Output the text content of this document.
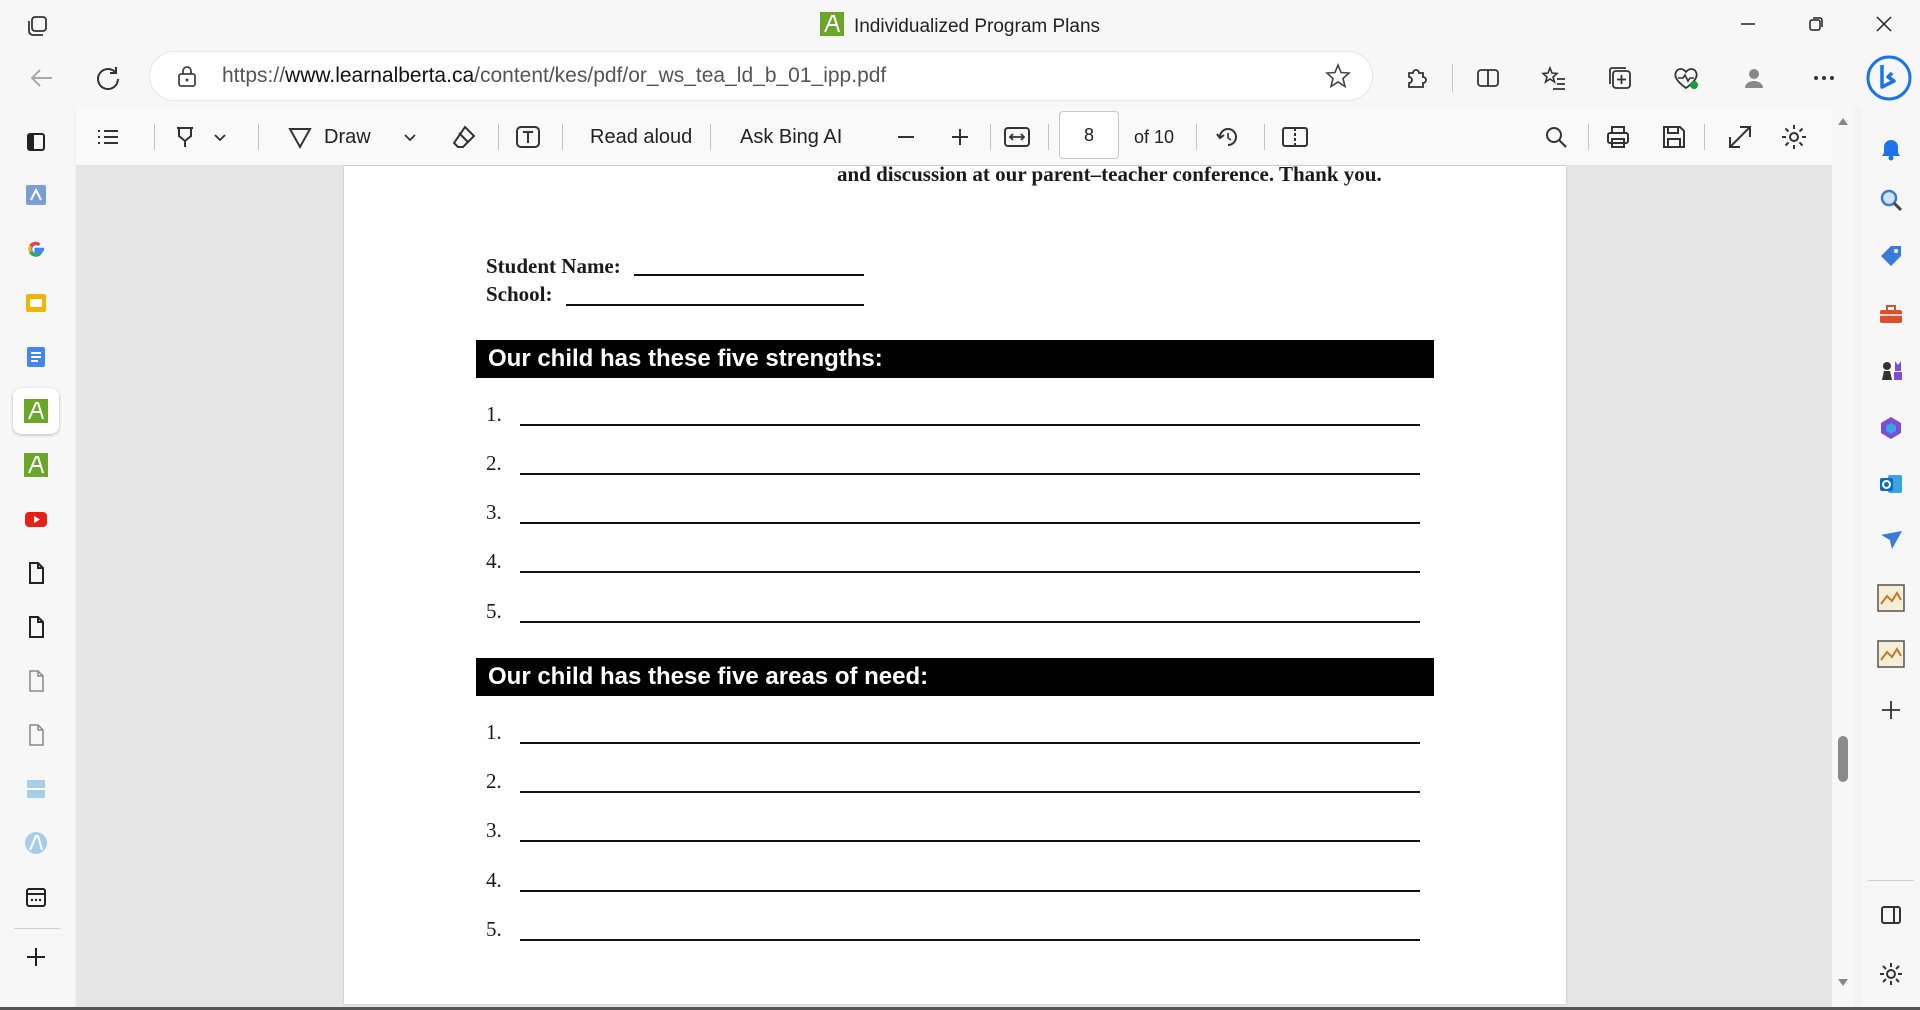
Individualized Program Plans
https://www.learnalberta.ca/content/kes/pdf/or_ws_tea_ld_b_01_ipp.pdf
Draw	Read aloud Ask Bing AI	8 of 10
and discussion at our parent–teacher conference. Thank you.
Student Name:
School:
Our child has these five strengths:
1.
2.
3.
4.
5.
Our child has these five areas of need:
1.
2.
3.
4.
5.
